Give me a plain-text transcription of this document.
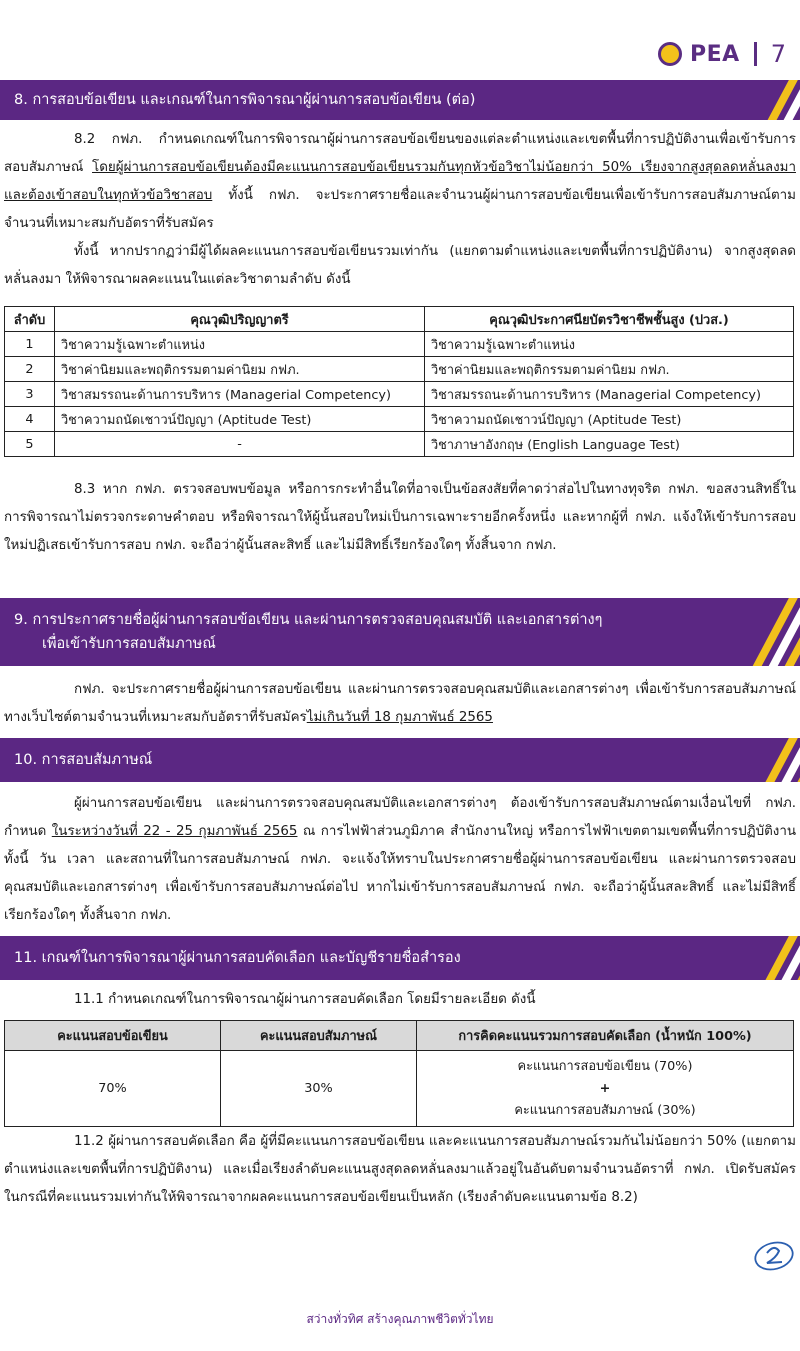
PEA 7
8. การสอบข้อเขียน และเกณฑ์ในการพิจารณาผู้ผ่านการสอบข้อเขียน (ต่อ)
8.2 กฟภ. กำหนดเกณฑ์ในการพิจารณาผู้ผ่านการสอบข้อเขียนของแต่ละตำแหน่งและเขตพื้นที่การปฏิบัติงานเพื่อเข้ารับการสอบสัมภาษณ์ โดยผู้ผ่านการสอบข้อเขียนต้องมีคะแนนการสอบข้อเขียนรวมกันทุกหัวข้อวิชาไม่น้อยกว่า 50% เรียงจากสูงสุดลดหลั่นลงมา และต้องเข้าสอบในทุกหัวข้อวิชาสอบ ทั้งนี้ กฟภ. จะประกาศรายชื่อและจำนวนผู้ผ่านการสอบข้อเขียนเพื่อเข้ารับการสอบสัมภาษณ์ตามจำนวนที่เหมาะสมกับอัตราที่รับสมัคร
ทั้งนี้ หากปรากฏว่ามีผู้ได้ผลคะแนนการสอบข้อเขียนรวมเท่ากัน (แยกตามตำแหน่งและเขตพื้นที่การปฏิบัติงาน) จากสูงสุดลดหลั่นลงมา ให้พิจารณาผลคะแนนในแต่ละวิชาตามลำดับ ดังนี้
ลำดับ	คุณวุฒิปริญญาตรี	คุณวุฒิประกาศนียบัตรวิชาชีพชั้นสูง (ปวส.)
1	วิชาความรู้เฉพาะตำแหน่ง	วิชาความรู้เฉพาะตำแหน่ง
2	วิชาค่านิยมและพฤติกรรมตามค่านิยม กฟภ.	วิชาค่านิยมและพฤติกรรมตามค่านิยม กฟภ.
3	วิชาสมรรถนะด้านการบริหาร (Managerial Competency)	วิชาสมรรถนะด้านการบริหาร (Managerial Competency)
4	วิชาความถนัดเชาวน์ปัญญา (Aptitude Test)	วิชาความถนัดเชาวน์ปัญญา (Aptitude Test)
5	-	วิชาภาษาอังกฤษ (English Language Test)
8.3 หาก กฟภ. ตรวจสอบพบข้อมูล หรือการกระทำอื่นใดที่อาจเป็นข้อสงสัยที่คาดว่าส่อไปในทางทุจริต กฟภ. ขอสงวนสิทธิ์ในการพิจารณาไม่ตรวจกระดาษคำตอบ หรือพิจารณาให้ผู้นั้นสอบใหม่เป็นการเฉพาะรายอีกครั้งหนึ่ง และหากผู้ที่ กฟภ. แจ้งให้เข้ารับการสอบใหม่ปฏิเสธเข้ารับการสอบ กฟภ. จะถือว่าผู้นั้นสละสิทธิ์ และไม่มีสิทธิ์เรียกร้องใดๆ ทั้งสิ้นจาก กฟภ.
9. การประกาศรายชื่อผู้ผ่านการสอบข้อเขียน และผ่านการตรวจสอบคุณสมบัติ และเอกสารต่างๆ
เพื่อเข้ารับการสอบสัมภาษณ์
กฟภ. จะประกาศรายชื่อผู้ผ่านการสอบข้อเขียน และผ่านการตรวจสอบคุณสมบัติและเอกสารต่างๆ เพื่อเข้ารับการสอบสัมภาษณ์ทางเว็บไซต์ตามจำนวนที่เหมาะสมกับอัตราที่รับสมัครไม่เกินวันที่ 18 กุมภาพันธ์ 2565
10. การสอบสัมภาษณ์
ผู้ผ่านการสอบข้อเขียน และผ่านการตรวจสอบคุณสมบัติและเอกสารต่างๆ ต้องเข้ารับการสอบสัมภาษณ์ตามเงื่อนไขที่ กฟภ. กำหนด ในระหว่างวันที่ 22 - 25 กุมภาพันธ์ 2565 ณ การไฟฟ้าส่วนภูมิภาค สำนักงานใหญ่ หรือการไฟฟ้าเขตตามเขตพื้นที่การปฏิบัติงาน ทั้งนี้ วัน เวลา และสถานที่ในการสอบสัมภาษณ์ กฟภ. จะแจ้งให้ทราบในประกาศรายชื่อผู้ผ่านการสอบข้อเขียน และผ่านการตรวจสอบคุณสมบัติและเอกสารต่างๆ เพื่อเข้ารับการสอบสัมภาษณ์ต่อไป หากไม่เข้ารับการสอบสัมภาษณ์ กฟภ. จะถือว่าผู้นั้นสละสิทธิ์ และไม่มีสิทธิ์เรียกร้องใดๆ ทั้งสิ้นจาก กฟภ.
11. เกณฑ์ในการพิจารณาผู้ผ่านการสอบคัดเลือก และบัญชีรายชื่อสำรอง
11.1 กำหนดเกณฑ์ในการพิจารณาผู้ผ่านการสอบคัดเลือก โดยมีรายละเอียด ดังนี้
คะแนนสอบข้อเขียน	คะแนนสอบสัมภาษณ์	การคิดคะแนนรวมการสอบคัดเลือก (น้ำหนัก 100%)
70%	30%	คะแนนการสอบข้อเขียน (70%)
+
คะแนนการสอบสัมภาษณ์ (30%)
11.2 ผู้ผ่านการสอบคัดเลือก คือ ผู้ที่มีคะแนนการสอบข้อเขียน และคะแนนการสอบสัมภาษณ์รวมกันไม่น้อยกว่า 50% (แยกตามตำแหน่งและเขตพื้นที่การปฏิบัติงาน) และเมื่อเรียงลำดับคะแนนสูงสุดลดหลั่นลงมาแล้วอยู่ในอันดับตามจำนวนอัตราที่ กฟภ. เปิดรับสมัคร ในกรณีที่คะแนนรวมเท่ากันให้พิจารณาจากผลคะแนนการสอบข้อเขียนเป็นหลัก (เรียงลำดับคะแนนตามข้อ 8.2)
สว่างทั่วทิศ สร้างคุณภาพชีวิตทั่วไทย
